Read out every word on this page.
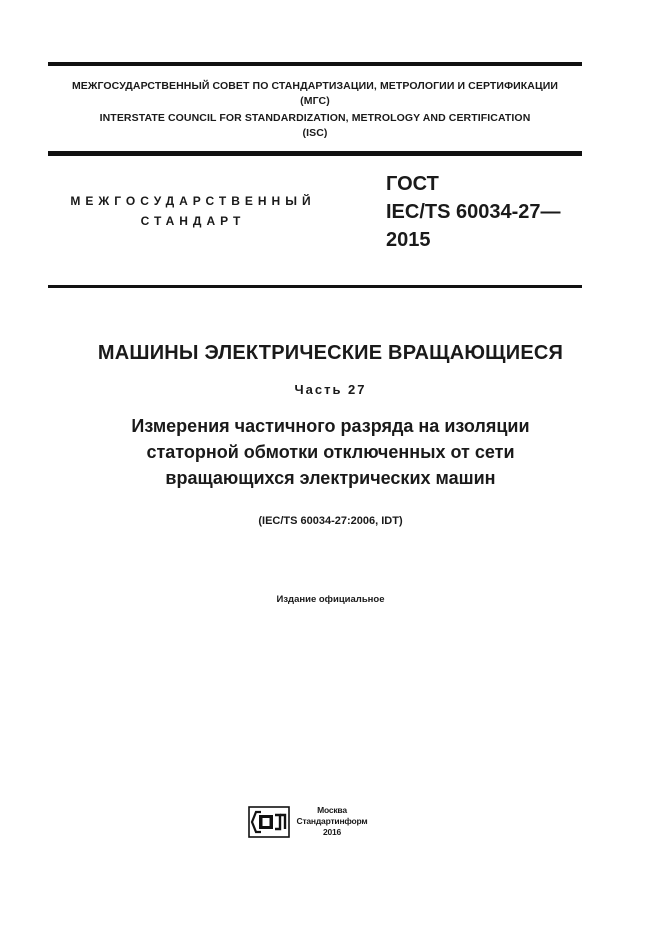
МЕЖГОСУДАРСТВЕННЫЙ СОВЕТ ПО СТАНДАРТИЗАЦИИ, МЕТРОЛОГИИ И СЕРТИФИКАЦИИ
(МГС)
INTERSTATE COUNCIL FOR STANDARDIZATION, METROLOGY AND CERTIFICATION
(ISC)
МЕЖГОСУДАРСТВЕННЫЙ
СТАНДАРТ
ГОСТ
IEC/TS 60034-27—
2015
МАШИНЫ ЭЛЕКТРИЧЕСКИЕ ВРАЩАЮЩИЕСЯ
Часть 27
Измерения частичного разряда на изоляции
статорной обмотки отключенных от сети
вращающихся электрических машин
(IEC/TS 60034-27:2006, IDT)
Издание официальное
Москва
Стандартинформ
2016
